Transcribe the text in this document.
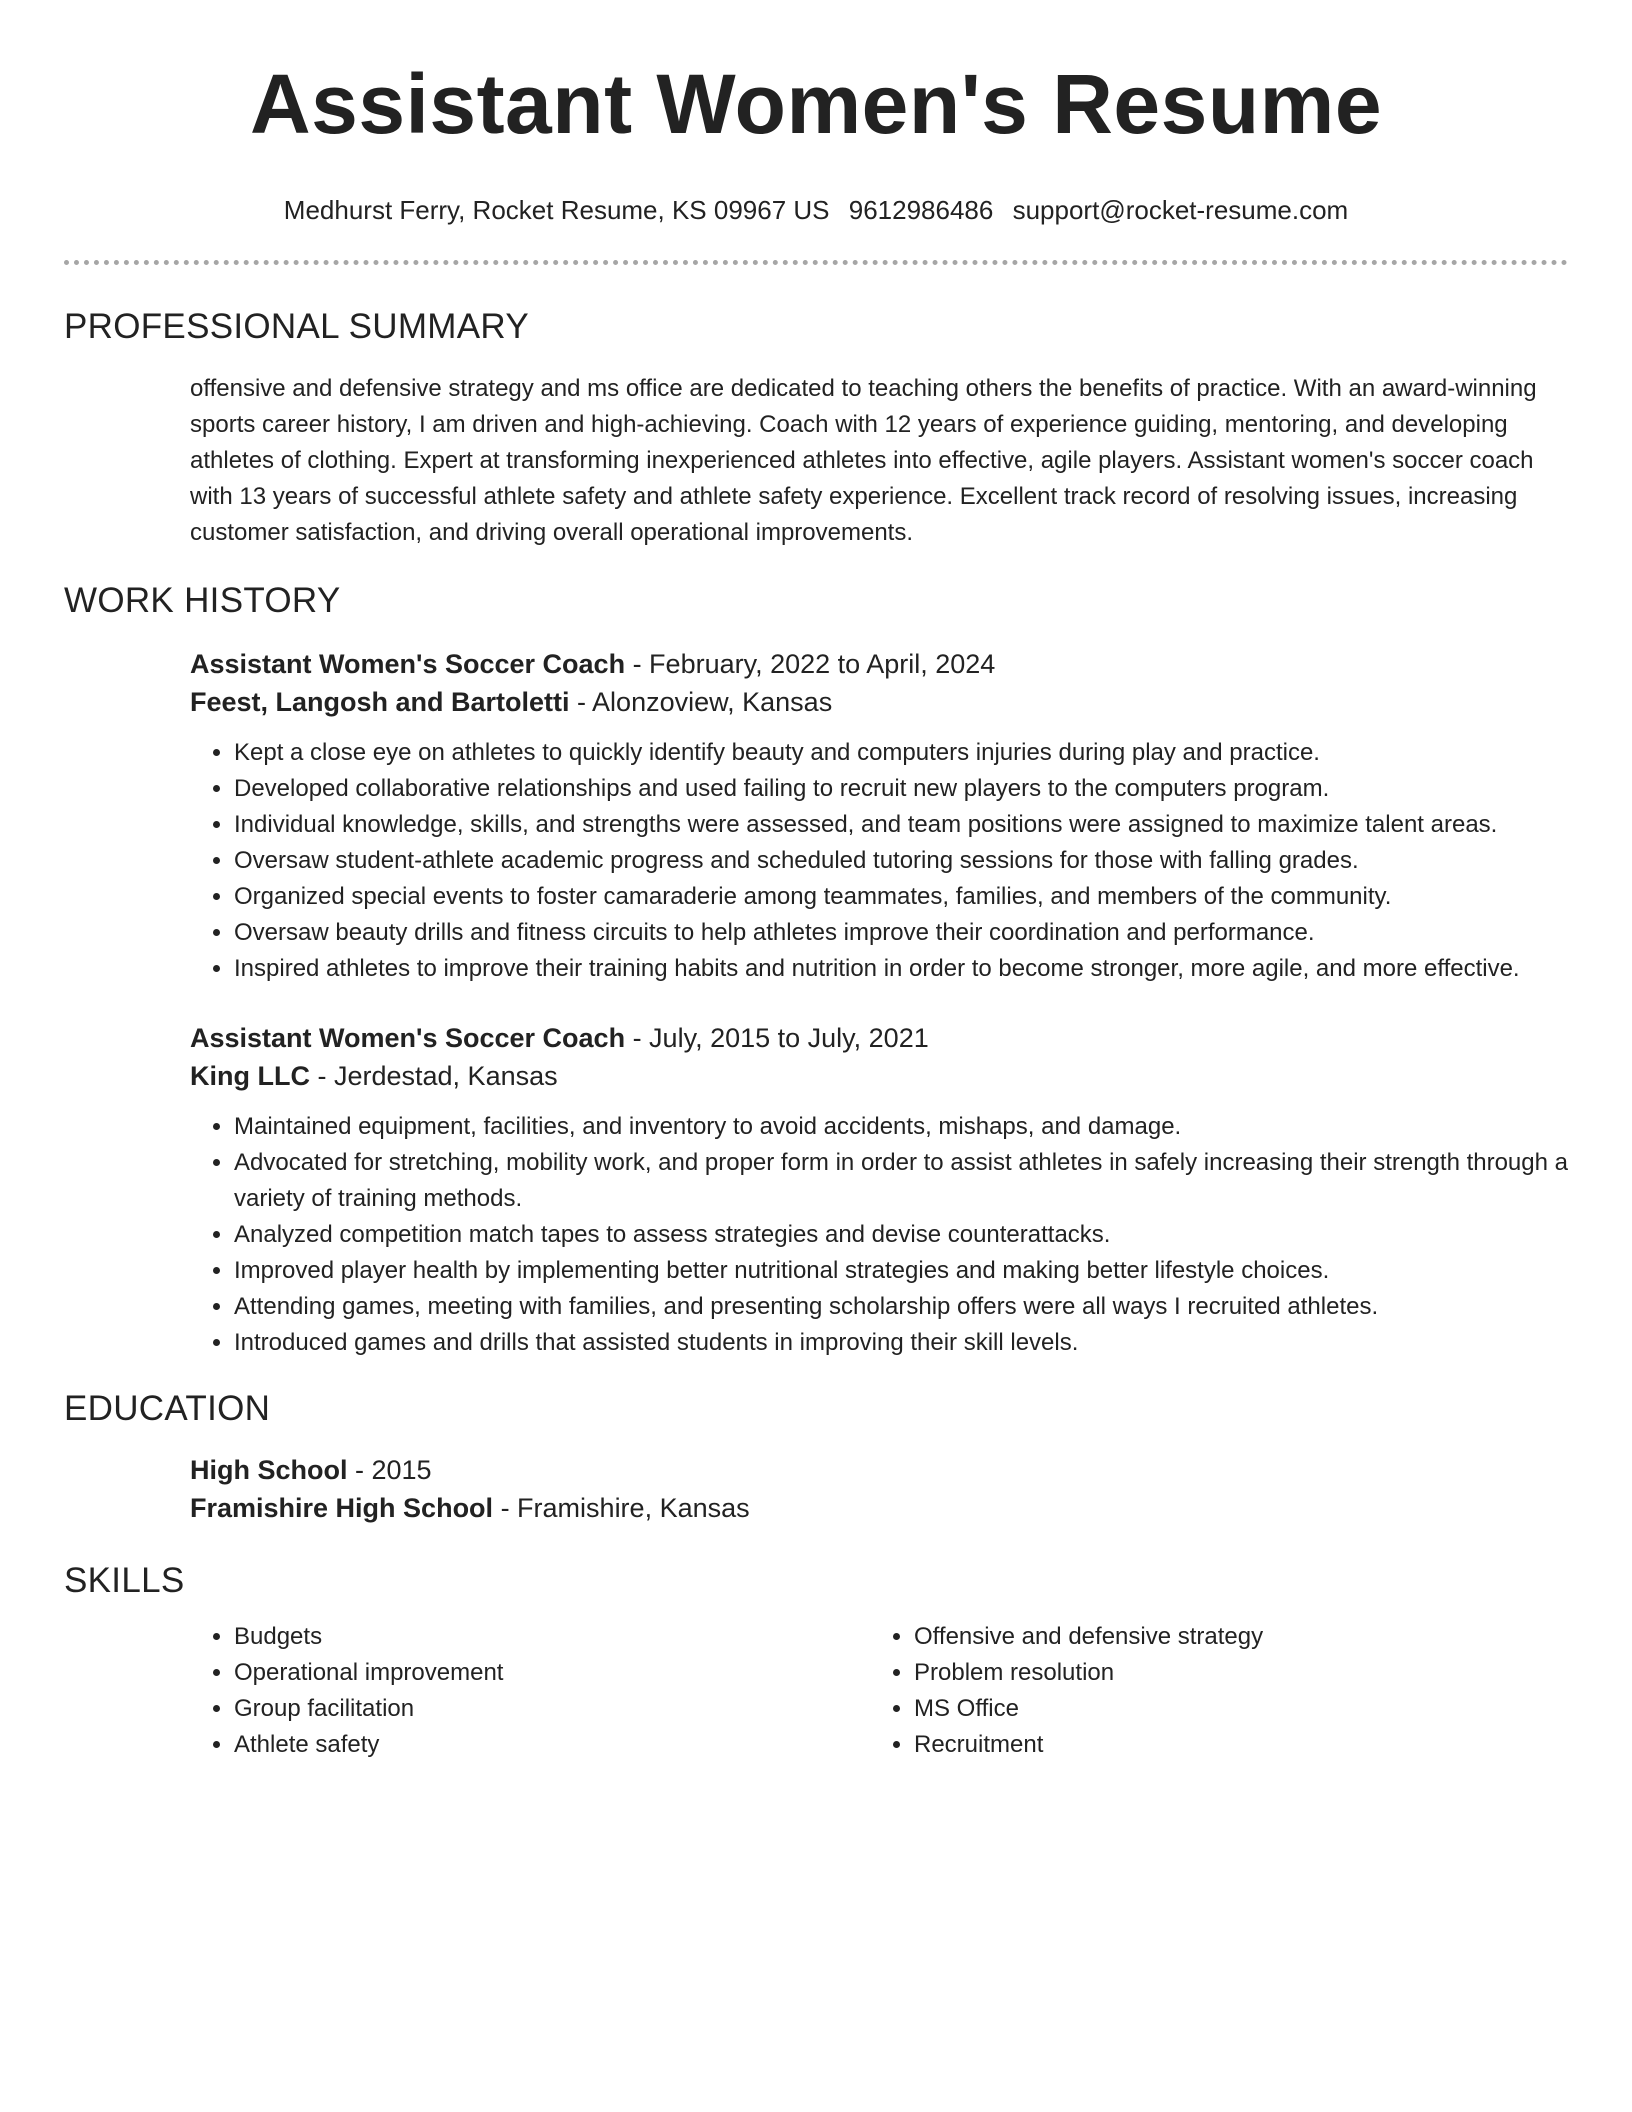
Assistant Women's Resume
Medhurst Ferry, Rocket Resume, KS 09967 US 9612986486 support@rocket-resume.com
PROFESSIONAL SUMMARY

offensive and defensive strategy and ms office are dedicated to teaching others the benefits of practice. With an award-winning sports career history, I am driven and high-achieving. Coach with 12 years of experience guiding, mentoring, and developing athletes of clothing. Expert at transforming inexperienced athletes into effective, agile players. Assistant women's soccer coach with 13 years of successful athlete safety and athlete safety experience. Excellent track record of resolving issues, increasing customer satisfaction, and driving overall operational improvements.

WORK HISTORY

Assistant Women's Soccer Coach - February, 2022 to April, 2024

Feest, Langosh and Bartoletti - Alonzoview, Kansas

• Kept a close eye on athletes to quickly identify beauty and computers injuries during play and practice.
• Developed collaborative relationships and used failing to recruit new players to the computers program.
• Individual knowledge, skills, and strengths were assessed, and team positions were assigned to maximize talent areas.
• Oversaw student-athlete academic progress and scheduled tutoring sessions for those with falling grades.
• Organized special events to foster camaraderie among teammates, families, and members of the community.
• Oversaw beauty drills and fitness circuits to help athletes improve their coordination and performance.
• Inspired athletes to improve their training habits and nutrition in order to become stronger, more agile, and more effective.

Assistant Women's Soccer Coach - July, 2015 to July, 2021

King LLC - Jerdestad, Kansas

• Maintained equipment, facilities, and inventory to avoid accidents, mishaps, and damage.
• Advocated for stretching, mobility work, and proper form in order to assist athletes in safely increasing their strength through a variety of training methods.
• Analyzed competition match tapes to assess strategies and devise counterattacks.
• Improved player health by implementing better nutritional strategies and making better lifestyle choices.
• Attending games, meeting with families, and presenting scholarship offers were all ways I recruited athletes.
• Introduced games and drills that assisted students in improving their skill levels.
EDUCATION

High School - 2015

Framishire High School - Framishire, Kansas

SKILLS
• Budgets
• Operational improvement
• Group facilitation
• Athlete safety
• Offensive and defensive strategy
• Problem resolution
• MS Office
• Recruitment
